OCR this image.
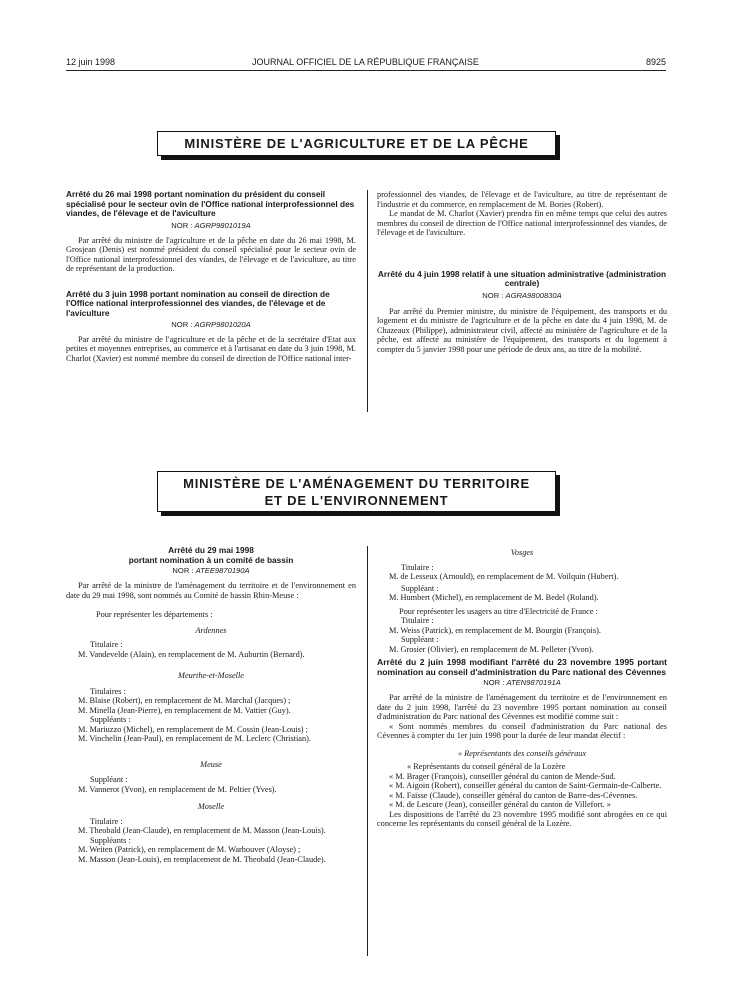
12 juin 1998	JOURNAL OFFICIEL DE LA RÉPUBLIQUE FRANÇAISE	8925
MINISTÈRE DE L'AGRICULTURE ET DE LA PÊCHE
Arrêté du 26 mai 1998 portant nomination du président du conseil spécialisé pour le secteur ovin de l'Office national interprofessionnel des viandes, de l'élevage et de l'aviculture
NOR : AGRP9801019A
Par arrêté du ministre de l'agriculture et de la pêche en date du 26 mai 1998, M. Grosjean (Denis) est nommé président du conseil spécialisé pour le secteur ovin de l'Office national interprofessionnel des viandes, de l'élevage et de l'aviculture, au titre de représentant de la production.
Arrêté du 3 juin 1998 portant nomination au conseil de direction de l'Office national interprofessionnel des viandes, de l'élevage et de l'aviculture
NOR : AGRP9801020A
Par arrêté du ministre de l'agriculture et de la pêche et de la secrétaire d'Etat aux petites et moyennes entreprises, au commerce et à l'artisanat en date du 3 juin 1998, M. Charlot (Xavier) est nommé membre du conseil de direction de l'Office national inter-
professionnel des viandes, de l'élevage et de l'aviculture, au titre de représentant de l'industrie et du commerce, en remplacement de M. Bories (Robert).
Le mandat de M. Charlot (Xavier) prendra fin en même temps que celui des autres membres du conseil de direction de l'Office national interprofessionnel des viandes, de l'élevage et de l'aviculture.
Arrêté du 4 juin 1998 relatif à une situation administrative (administration centrale)
NOR : AGRA9800830A
Par arrêté du Premier ministre, du ministre de l'équipement, des transports et du logement et du ministre de l'agriculture et de la pêche en date du 4 juin 1998, M. de Chazeaux (Philippe), administrateur civil, affecté au ministère de l'agriculture et de la pêche, est affecté au ministère de l'équipement, des transports et du logement à compter du 5 janvier 1998 pour une période de deux ans, au titre de la mobilité.
MINISTÈRE DE L'AMÉNAGEMENT DU TERRITOIRE
ET DE L'ENVIRONNEMENT
Arrêté du 29 mai 1998
portant nomination à un comité de bassin
NOR : ATEE9870190A
Par arrêté de la ministre de l'aménagement du territoire et de l'environnement en date du 29 mai 1998, sont nommés au Comité de bassin Rhin-Meuse :
Pour représenter les départements :
Ardennes
Titulaire :
M. Vandevelde (Alain), en remplacement de M. Auburtin (Bernard).
Meurthe-et-Moselle
Titulaires :
M. Blaise (Robert), en remplacement de M. Marchal (Jacques) ;
M. Minella (Jean-Pierre), en remplacement de M. Vattier (Guy).
Suppléants :
M. Mariuzzo (Michel), en remplacement de M. Cossin (Jean-Louis) ;
M. Vinchelin (Jean-Paul), en remplacement de M. Leclerc (Christian).
Meuse
Suppléant :
M. Vannerot (Yvon), en remplacement de M. Peltier (Yves).
Moselle
Titulaire :
M. Theobald (Jean-Claude), en remplacement de M. Masson (Jean-Louis).
Suppléants :
M. Weiten (Patrick), en remplacement de M. Warhouver (Aloyse) ;
M. Masson (Jean-Louis), en remplacement de M. Theobald (Jean-Claude).
Vosges
Titulaire :
M. de Lesseux (Arnould), en remplacement de M. Voilquin (Hubert).
Suppléant :
M. Humbert (Michel), en remplacement de M. Bedel (Roland).
Pour représenter les usagers au titre d'Electricité de France :
Titulaire :
M. Weiss (Patrick), en remplacement de M. Bourgin (François).
Suppléant :
M. Grosier (Olivier), en remplacement de M. Pelleter (Yvon).
Arrêté du 2 juin 1998 modifiant l'arrêté du 23 novembre 1995 portant nomination au conseil d'administration du Parc national des Cévennes
NOR : ATEN9870191A
Par arrêté de la ministre de l'aménagement du territoire et de l'environnement en date du 2 juin 1998, l'arrêté du 23 novembre 1995 portant nomination au conseil d'administration du Parc national des Cévennes est modifié comme suit :
« Sont nommés membres du conseil d'administration du Parc national des Cévennes à compter du 1er juin 1998 pour la durée de leur mandat électif :
« Représentants des conseils généraux
« Représentants du conseil général de la Lozère
« M. Brager (François), conseiller général du canton de Mende-Sud.
« M. Aigoin (Robert), conseiller général du canton de Saint-Germain-de-Calberte.
« M. Faisse (Claude), conseiller général du canton de Barre-des-Cévennes.
« M. de Lescure (Jean), conseiller général du canton de Villefort. »
Les dispositions de l'arrêté du 23 novembre 1995 modifié sont abrogées en ce qui concerne les représentants du conseil général de la Lozère.
